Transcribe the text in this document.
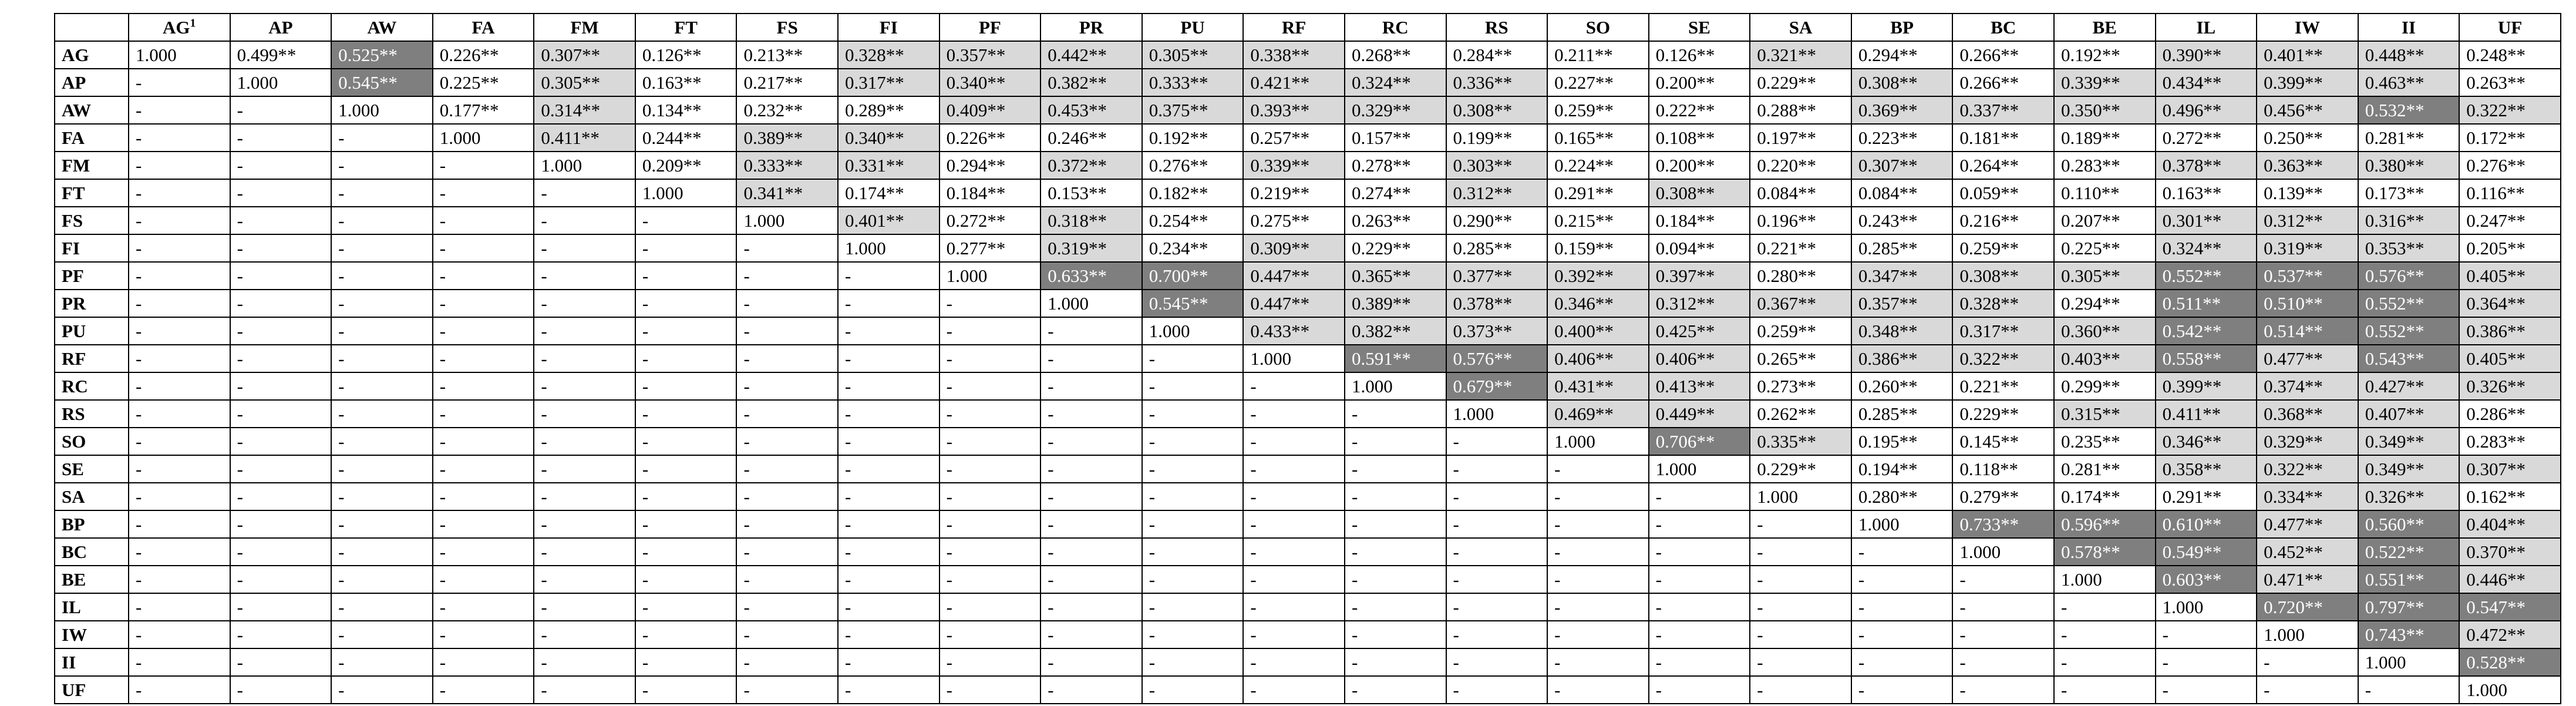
	$AG^1$	AP	AW	FA	FM	FT	FS	FI	PF	PR	PU	RF	RC	RS	SO	SE	SA	BP	BC	BE	IL	IW	II	UF
AG	1.000	0.499**	0.525**	0.226**	0.307**	0.126**	0.213**	0.328**	0.357**	0.442**	0.305**	0.338**	0.268**	0.284**	0.211**	0.126**	0.321**	0.294**	0.266**	0.192**	0.390**	0.401**	0.448**	0.248**
AP	-	1.000	0.545**	0.225**	0.305**	0.163**	0.217**	0.317**	0.340**	0.382**	0.333**	0.421**	0.324**	0.336**	0.227**	0.200**	0.229**	0.308**	0.266**	0.339**	0.434**	0.399**	0.463**	0.263**
AW	-	-	1.000	0.177**	0.314**	0.134**	0.232**	0.289**	0.409**	0.453**	0.375**	0.393**	0.329**	0.308**	0.259**	0.222**	0.288**	0.369**	0.337**	0.350**	0.496**	0.456**	0.532**	0.322**
FA	-	-	-	1.000	0.411**	0.244**	0.389**	0.340**	0.226**	0.246**	0.192**	0.257**	0.157**	0.199**	0.165**	0.108**	0.197**	0.223**	0.181**	0.189**	0.272**	0.250**	0.281**	0.172**
FM	-	-	-	-	1.000	0.209**	0.333**	0.331**	0.294**	0.372**	0.276**	0.339**	0.278**	0.303**	0.224**	0.200**	0.220**	0.307**	0.264**	0.283**	0.378**	0.363**	0.380**	0.276**
FT	-	-	-	-	-	1.000	0.341**	0.174**	0.184**	0.153**	0.182**	0.219**	0.274**	0.312**	0.291**	0.308**	0.084**	0.084**	0.059**	0.110**	0.163**	0.139**	0.173**	0.116**
FS	-	-	-	-	-	-	1.000	0.401**	0.272**	0.318**	0.254**	0.275**	0.263**	0.290**	0.215**	0.184**	0.196**	0.243**	0.216**	0.207**	0.301**	0.312**	0.316**	0.247**
FI	-	-	-	-	-	-	-	1.000	0.277**	0.319**	0.234**	0.309**	0.229**	0.285**	0.159**	0.094**	0.221**	0.285**	0.259**	0.225**	0.324**	0.319**	0.353**	0.205**
PF	-	-	-	-	-	-	-	-	1.000	0.633**	0.700**	0.447**	0.365**	0.377**	0.392**	0.397**	0.280**	0.347**	0.308**	0.305**	0.552**	0.537**	0.576**	0.405**
PR	-	-	-	-	-	-	-	-	-	1.000	0.545**	0.447**	0.389**	0.378**	0.346**	0.312**	0.367**	0.357**	0.328**	0.294**	0.511**	0.510**	0.552**	0.364**
PU	-	-	-	-	-	-	-	-	-	-	1.000	0.433**	0.382**	0.373**	0.400**	0.425**	0.259**	0.348**	0.317**	0.360**	0.542**	0.514**	0.552**	0.386**
RF	-	-	-	-	-	-	-	-	-	-	-	1.000	0.591**	0.576**	0.406**	0.406**	0.265**	0.386**	0.322**	0.403**	0.558**	0.477**	0.543**	0.405**
RC	-	-	-	-	-	-	-	-	-	-	-	-	1.000	0.679**	0.431**	0.413**	0.273**	0.260**	0.221**	0.299**	0.399**	0.374**	0.427**	0.326**
RS	-	-	-	-	-	-	-	-	-	-	-	-	-	1.000	0.469**	0.449**	0.262**	0.285**	0.229**	0.315**	0.411**	0.368**	0.407**	0.286**
SO	-	-	-	-	-	-	-	-	-	-	-	-	-	-	1.000	0.706**	0.335**	0.195**	0.145**	0.235**	0.346**	0.329**	0.349**	0.283**
SE	-	-	-	-	-	-	-	-	-	-	-	-	-	-	-	1.000	0.229**	0.194**	0.118**	0.281**	0.358**	0.322**	0.349**	0.307**
SA	-	-	-	-	-	-	-	-	-	-	-	-	-	-	-	-	1.000	0.280**	0.279**	0.174**	0.291**	0.334**	0.326**	0.162**
BP	-	-	-	-	-	-	-	-	-	-	-	-	-	-	-	-	-	1.000	0.733**	0.596**	0.610**	0.477**	0.560**	0.404**
BC	-	-	-	-	-	-	-	-	-	-	-	-	-	-	-	-	-	-	1.000	0.578**	0.549**	0.452**	0.522**	0.370**
BE	-	-	-	-	-	-	-	-	-	-	-	-	-	-	-	-	-	-	-	1.000	0.603**	0.471**	0.551**	0.446**
IL	-	-	-	-	-	-	-	-	-	-	-	-	-	-	-	-	-	-	-	-	1.000	0.720**	0.797**	0.547**
IW	-	-	-	-	-	-	-	-	-	-	-	-	-	-	-	-	-	-	-	-	-	1.000	0.743**	0.472**
II	-	-	-	-	-	-	-	-	-	-	-	-	-	-	-	-	-	-	-	-	-	-	1.000	0.528**
UF	-	-	-	-	-	-	-	-	-	-	-	-	-	-	-	-	-	-	-	-	-	-	-	1.000
